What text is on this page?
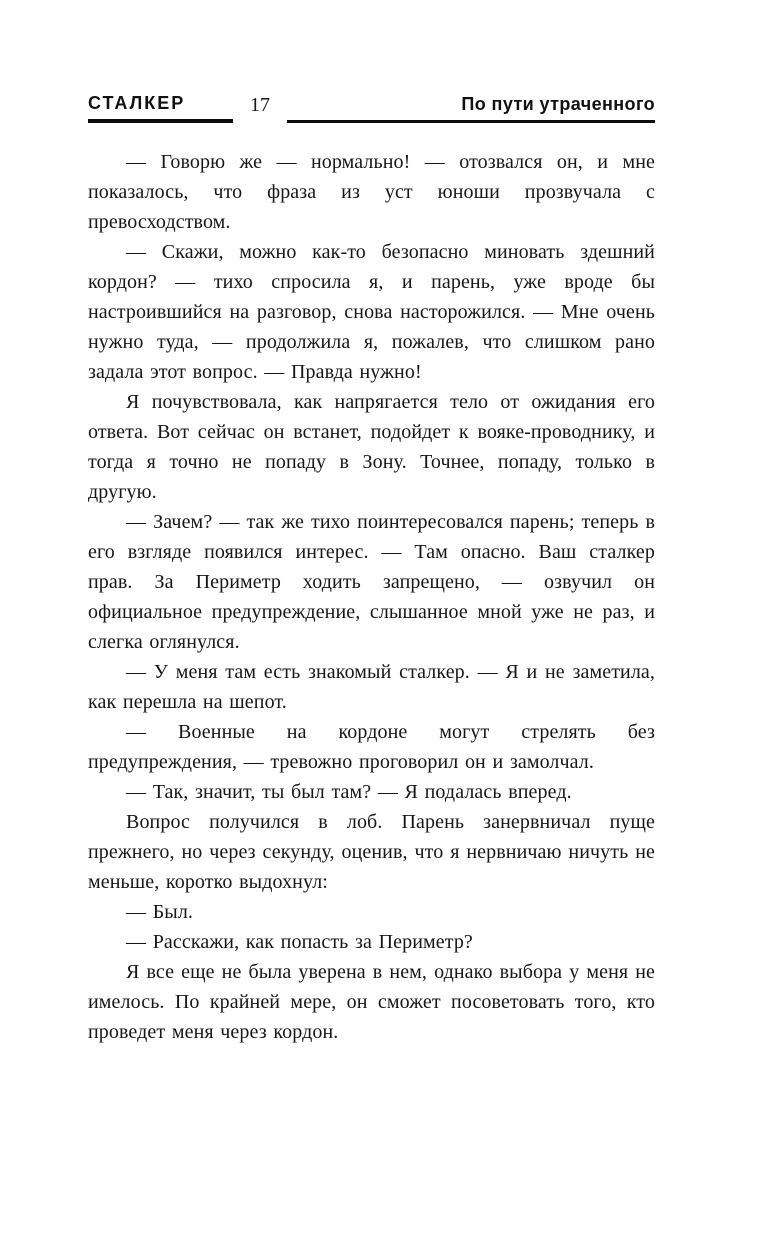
СТАЛКЕР	17	По пути утраченного

— Говорю же — нормально! — отозвался он, и мне показалось, что фраза из уст юноши прозвучала с превосходством.

— Скажи, можно как-то безопасно миновать здешний кордон? — тихо спросила я, и парень, уже вроде бы настроившийся на разговор, снова насторожился. — Мне очень нужно туда, — продолжила я, пожалев, что слишком рано задала этот вопрос. — Правда нужно!

Я почувствовала, как напрягается тело от ожидания его ответа. Вот сейчас он встанет, подойдет к вояке-проводнику, и тогда я точно не попаду в Зону. Точнее, попаду, только в другую.

— Зачем? — так же тихо поинтересовался парень; теперь в его взгляде появился интерес. — Там опасно. Ваш сталкер прав. За Периметр ходить запрещено, — озвучил он официальное предупреждение, слышанное мной уже не раз, и слегка оглянулся.

— У меня там есть знакомый сталкер. — Я и не заметила, как перешла на шепот.

— Военные на кордоне могут стрелять без предупреждения, — тревожно проговорил он и замолчал.

— Так, значит, ты был там? — Я подалась вперед.

Вопрос получился в лоб. Парень занервничал пуще прежнего, но через секунду, оценив, что я нервничаю ничуть не меньше, коротко выдохнул:

— Был.

— Расскажи, как попасть за Периметр?

Я все еще не была уверена в нем, однако выбора у меня не имелось. По крайней мере, он сможет посоветовать того, кто проведет меня через кордон.
